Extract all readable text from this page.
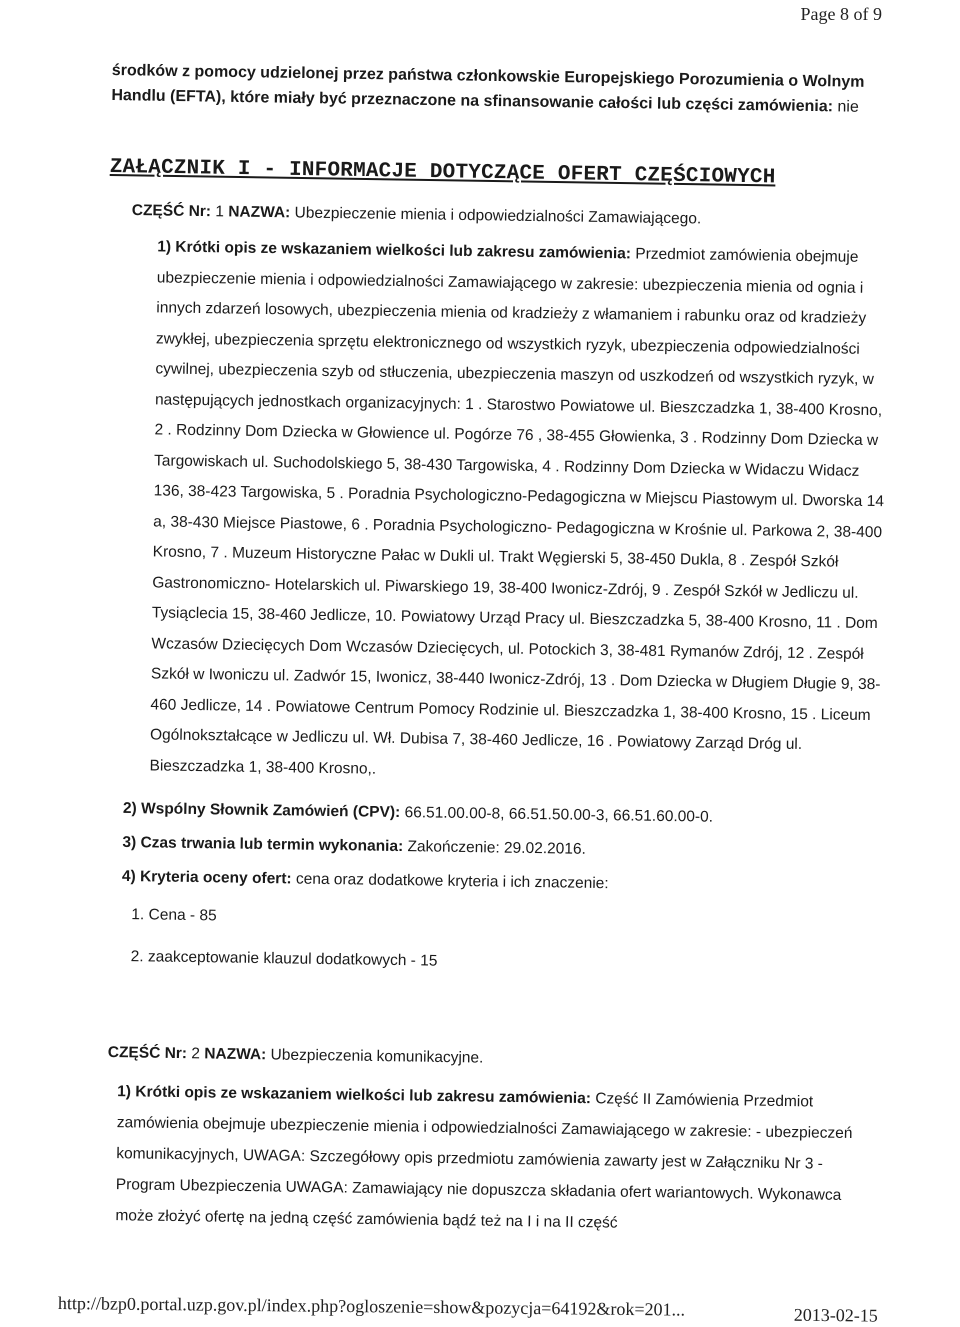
Page 8 of 9
środków z pomocy udzielonej przez państwa członkowskie Europejskiego Porozumienia o Wolnym Handlu (EFTA), które miały być przeznaczone na sfinansowanie całości lub części zamówienia: nie
ZAŁĄCZNIK I - INFORMACJE DOTYCZĄCE OFERT CZĘŚCIOWYCH
CZĘŚĆ Nr: 1 NAZWA: Ubezpieczenie mienia i odpowiedzialności Zamawiającego.
1) Krótki opis ze wskazaniem wielkości lub zakresu zamówienia: Przedmiot zamówienia obejmuje ubezpieczenie mienia i odpowiedzialności Zamawiającego w zakresie: ubezpieczenia mienia od ognia i innych zdarzeń losowych, ubezpieczenia mienia od kradzieży z włamaniem i rabunku oraz od kradzieży zwykłej, ubezpieczenia sprzętu elektronicznego od wszystkich ryzyk, ubezpieczenia odpowiedzialności cywilnej, ubezpieczenia szyb od stłuczenia, ubezpieczenia maszyn od uszkodzeń od wszystkich ryzyk, w następujących jednostkach organizacyjnych: 1 . Starostwo Powiatowe ul. Bieszczadzka 1, 38-400 Krosno, 2 . Rodzinny Dom Dziecka w Głowience ul. Pogórze 76 , 38-455 Głowienka, 3 . Rodzinny Dom Dziecka w Targowiskach ul. Suchodolskiego 5, 38-430 Targowiska, 4 . Rodzinny Dom Dziecka w Widaczu Widacz 136, 38-423 Targowiska, 5 . Poradnia Psychologiczno-Pedagogiczna w Miejscu Piastowym ul. Dworska 14 a, 38-430 Miejsce Piastowe, 6 . Poradnia Psychologiczno- Pedagogiczna w Krośnie ul. Parkowa 2, 38-400 Krosno, 7 . Muzeum Historyczne Pałac w Dukli ul. Trakt Węgierski 5, 38-450 Dukla, 8 . Zespół Szkół Gastronomiczno- Hotelarskich ul. Piwarskiego 19, 38-400 Iwonicz-Zdrój, 9 . Zespół Szkół w Jedliczu ul. Tysiąclecia 15, 38-460 Jedlicze, 10. Powiatowy Urząd Pracy ul. Bieszczadzka 5, 38-400 Krosno, 11 . Dom Wczasów Dziecięcych Dom Wczasów Dziecięcych, ul. Potockich 3, 38-481 Rymanów Zdrój, 12 . Zespół Szkół w Iwoniczu ul. Zadwór 15, Iwonicz, 38-440 Iwonicz-Zdrój, 13 . Dom Dziecka w Długiem Długie 9, 38-460 Jedlicze, 14 . Powiatowe Centrum Pomocy Rodzinie ul. Bieszczadzka 1, 38-400 Krosno, 15 . Liceum Ogólnokształcące w Jedliczu ul. Wł. Dubisa 7, 38-460 Jedlicze, 16 . Powiatowy Zarząd Dróg ul. Bieszczadzka 1, 38-400 Krosno,.
2) Wspólny Słownik Zamówień (CPV): 66.51.00.00-8, 66.51.50.00-3, 66.51.60.00-0.
3) Czas trwania lub termin wykonania: Zakończenie: 29.02.2016.
4) Kryteria oceny ofert: cena oraz dodatkowe kryteria i ich znaczenie:
1. Cena - 85
2. zaakceptowanie klauzul dodatkowych - 15
CZĘŚĆ Nr: 2 NAZWA: Ubezpieczenia komunikacyjne.
1) Krótki opis ze wskazaniem wielkości lub zakresu zamówienia: Część II Zamówienia Przedmiot zamówienia obejmuje ubezpieczenie mienia i odpowiedzialności Zamawiającego w zakresie: - ubezpieczeń komunikacyjnych, UWAGA: Szczegółowy opis przedmiotu zamówienia zawarty jest w Załączniku Nr 3 - Program Ubezpieczenia UWAGA: Zamawiający nie dopuszcza składania ofert wariantowych. Wykonawca może złożyć ofertę na jedną część zamówienia bądź też na I i na II część
http://bzp0.portal.uzp.gov.pl/index.php?ogloszenie=show&pozycja=64192&rok=201...	2013-02-15
